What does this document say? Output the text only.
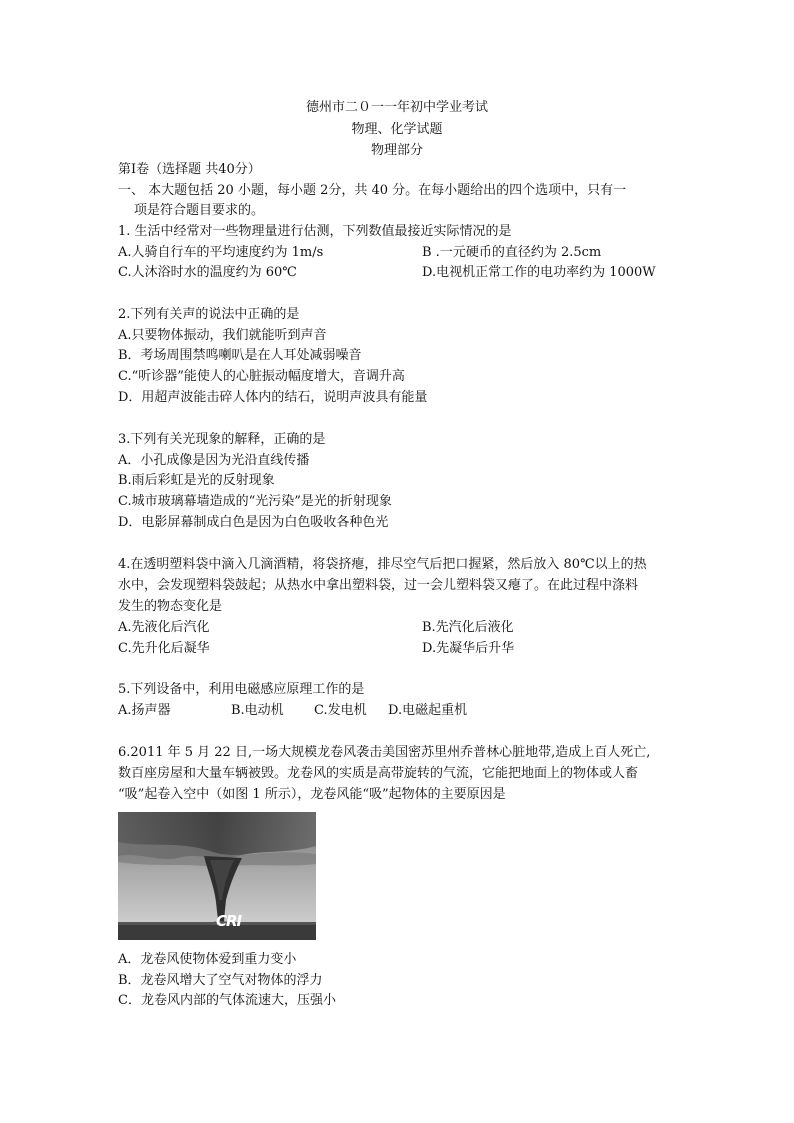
德州市二０一一年初中学业考试
物理、化学试题
物理部分
第Ⅰ卷（选择题 共40分）
一、 本大题包括 20 小题，每小题 2分，共 40 分。在每小题给出的四个选项中，只有一
项是符合题目要求的。
1. 生活中经常对一些物理量进行估测，下列数值最接近实际情况的是
A.人骑自行车的平均速度约为 1m/s	B .一元硬币的直径约为 2.5cm
C.人沐浴时水的温度约为 60℃	D.电视机正常工作的电功率约为 1000W
2.下列有关声的说法中正确的是
A.只要物体振动，我们就能听到声音
B．考场周围禁鸣喇叭是在人耳处减弱噪音
C.“听诊器”能使人的心脏振动幅度增大，音调升高
D．用超声波能击碎人体内的结石，说明声波具有能量
3.下列有关光现象的解释，正确的是
A．小孔成像是因为光沿直线传播
B.雨后彩虹是光的反射现象
C.城市玻璃幕墙造成的“光污染”是光的折射现象
D．电影屏幕制成白色是因为白色吸收各种色光
4.在透明塑料袋中滴入几滴酒精，将袋挤瘪，排尽空气后把口握紧，然后放入 80℃以上的热
水中，会发现塑料袋鼓起；从热水中拿出塑料袋，过一会儿塑料袋又瘪了。在此过程中涤料
发生的物态变化是
A.先液化后汽化	B.先汽化后液化
C.先升化后凝华	D.先凝华后升华
5.下列设备中，利用电磁感应原理工作的是
A.扬声器	B.电动机 C.发电机 D.电磁起重机
6.2011 年 5 月 22 日,一场大规模龙卷风袭击美国密苏里州乔普林心脏地带,造成上百人死亡,
数百座房屋和大量车辆被毁。龙卷风的实质是高带旋转的气流，它能把地面上的物体或人畜
“吸”起卷入空中（如图 1 所示），龙卷风能“吸”起物体的主要原因是
CRI
A．龙卷风使物体爱到重力变小
B．龙卷风增大了空气对物体的浮力
C．龙卷风内部的气体流速大，压强小
